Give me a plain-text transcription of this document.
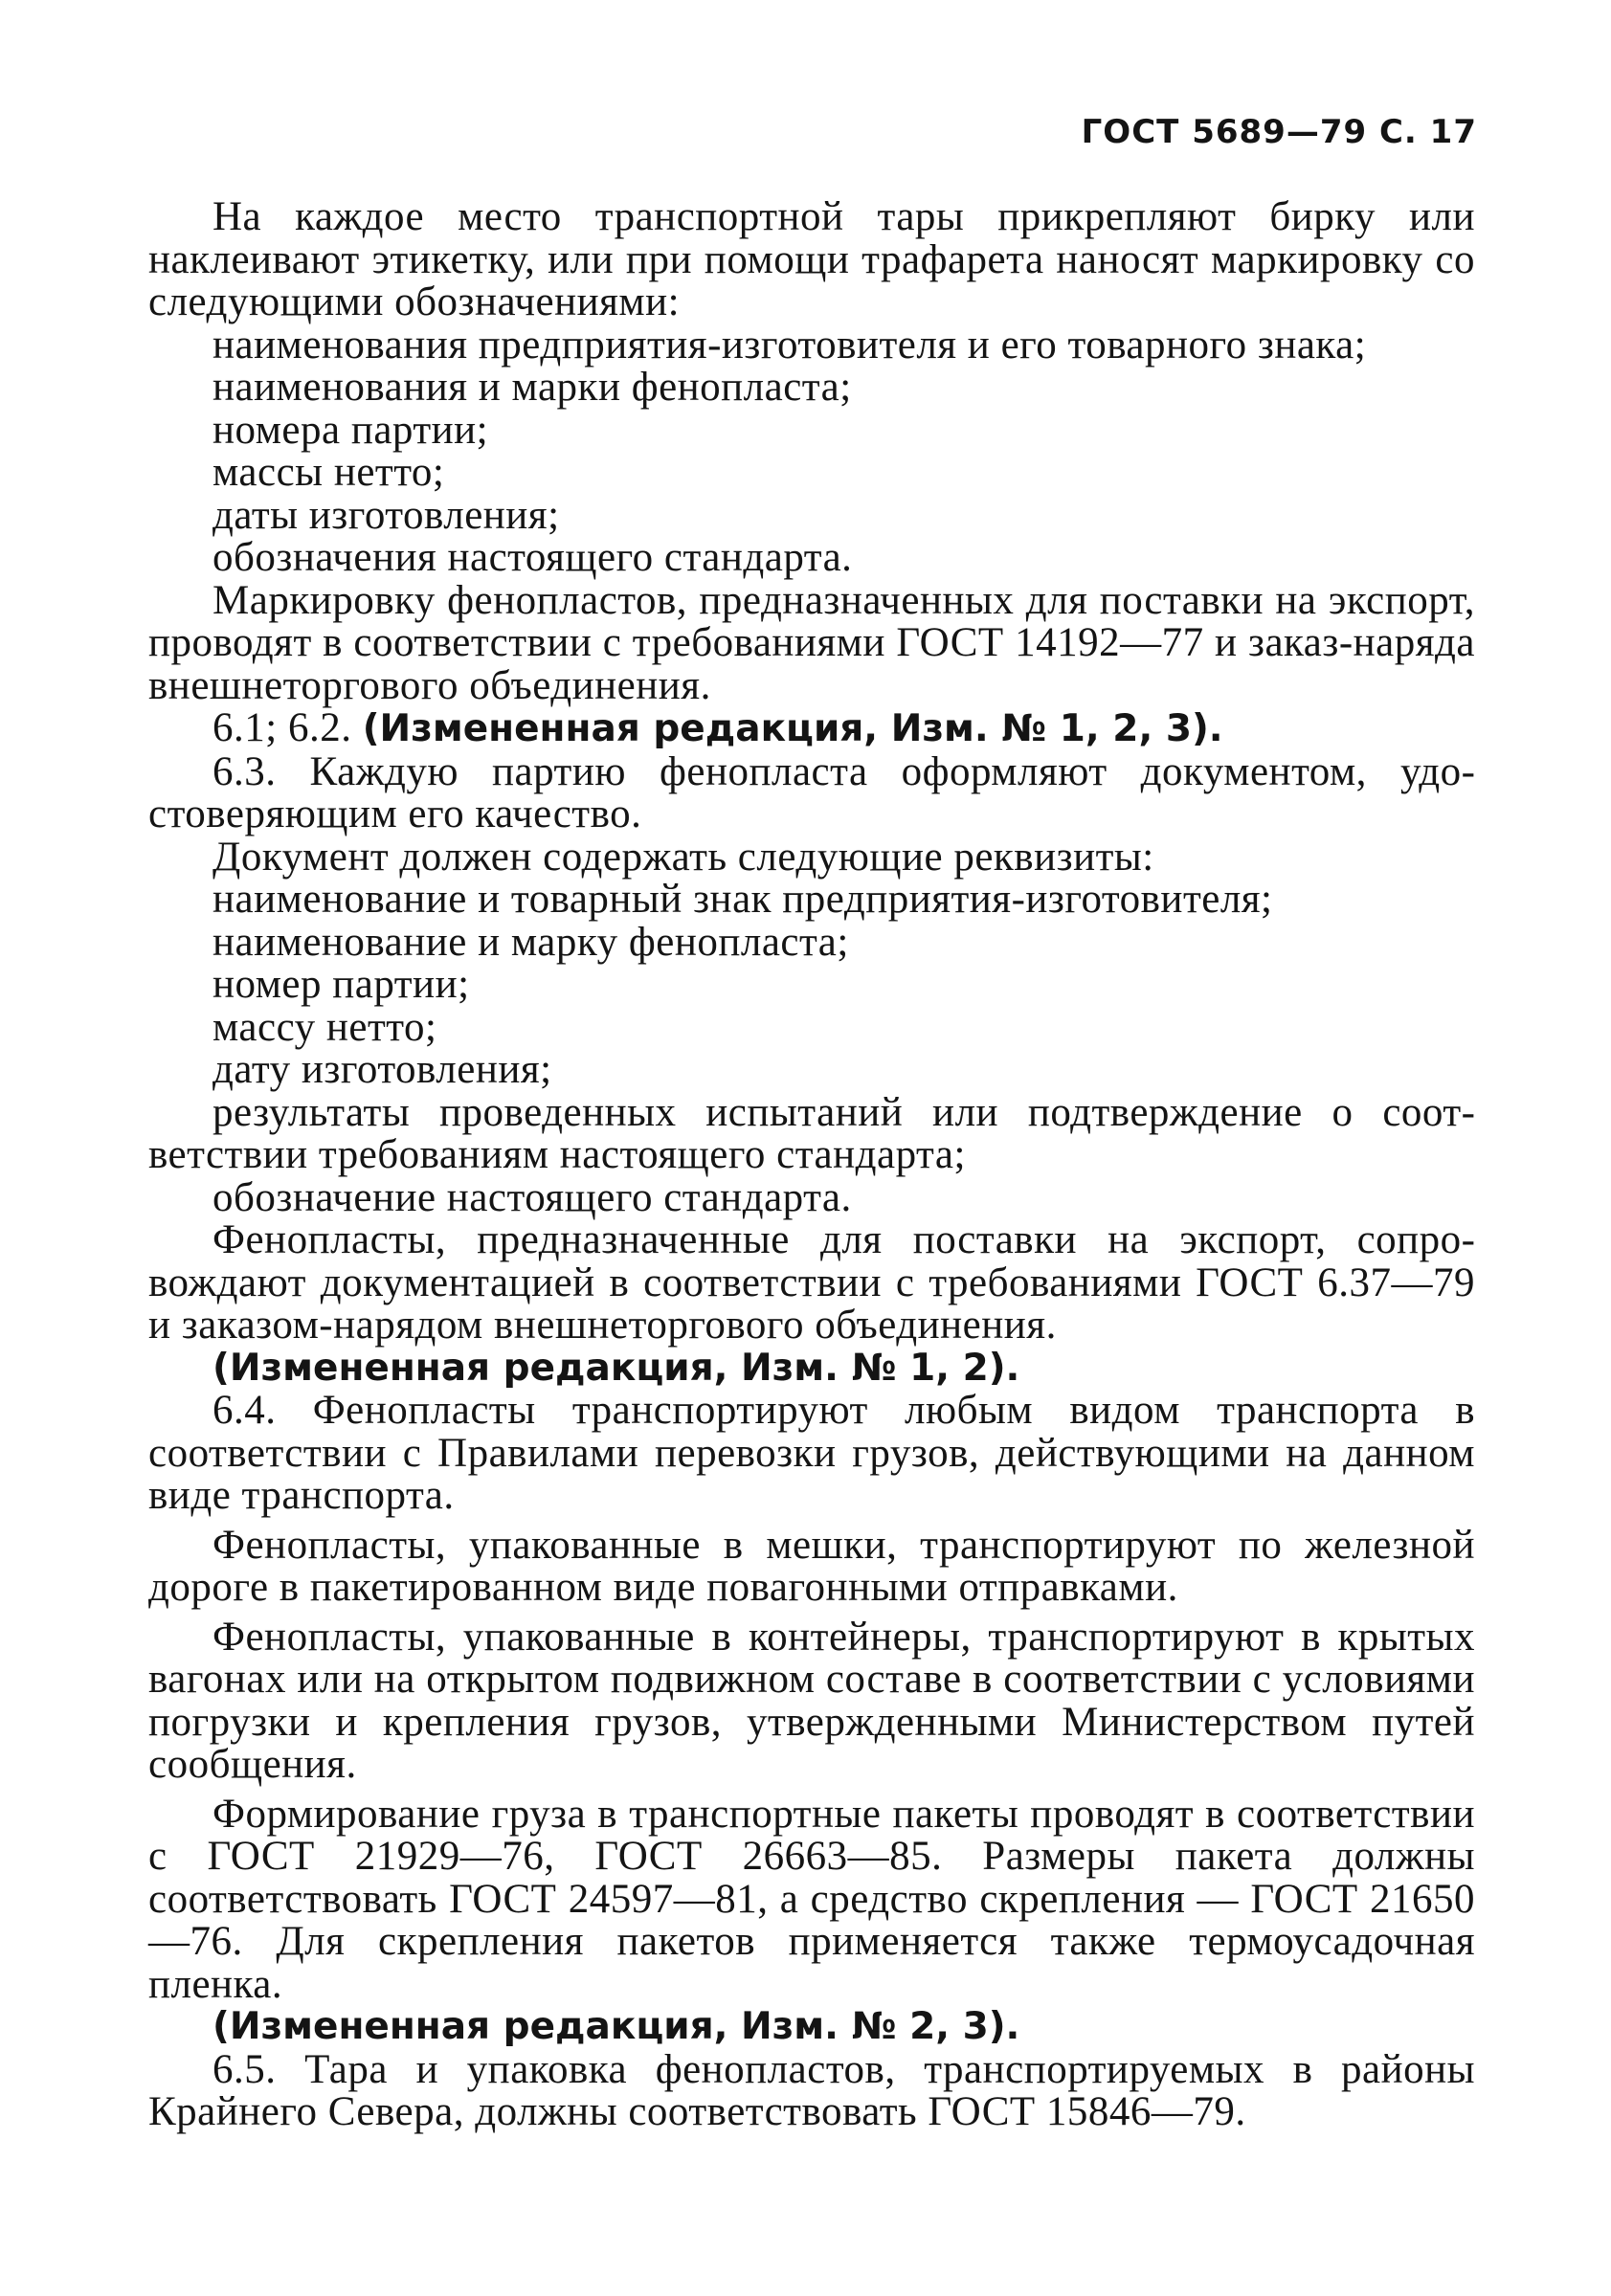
ГОСТ 5689—79 С. 17

На каждое место транспортной тары прикрепляют бирку или наклеивают этикетку, или при помощи трафарета наносят маркировку со следующими обозначениями:

наименования предприятия-изготовителя и его товарного знака;

наименования и марки фенопласта;

номера партии;

массы нетто;

даты изготовления;

обозначения настоящего стандарта.

Маркировку фенопластов, предназначенных для поставки на экспорт, проводят в соответствии с требованиями ГОСТ 14192—77 и заказ-наряда внешнеторгового объединения.

6.1; 6.2. (Измененная редакция, Изм. № 1, 2, 3).

6.3. Каждую партию фенопласта оформляют документом, удостоверяющим его качество.

Документ должен содержать следующие реквизиты:

наименование и товарный знак предприятия-изготовителя;

наименование и марку фенопласта;

номер партии;

массу нетто;

дату изготовления;

результаты проведенных испытаний или подтверждение о соответствии требованиям настоящего стандарта;

обозначение настоящего стандарта.

Фенопласты, предназначенные для поставки на экспорт, сопровождают документацией в соответствии с требованиями ГОСТ 6.37—79 и заказом-нарядом внешнеторгового объединения.

(Измененная редакция, Изм. № 1, 2).

6.4. Фенопласты транспортируют любым видом транспорта в соответствии с Правилами перевозки грузов, действующими на данном виде транспорта.

Фенопласты, упакованные в мешки, транспортируют по железной дороге в пакетированном виде повагонными отправками.

Фенопласты, упакованные в контейнеры, транспортируют в крытых вагонах или на открытом подвижном составе в соответствии с условиями погрузки и крепления грузов, утвержденными Министерством путей сообщения.

Формирование груза в транспортные пакеты проводят в соответствии с ГОСТ 21929—76, ГОСТ 26663—85. Размеры пакета должны соответствовать ГОСТ 24597—81, а средство скрепления — ГОСТ 21650—76. Для скрепления пакетов применяется также термоусадочная пленка.

(Измененная редакция, Изм. № 2, 3).

6.5. Тара и упаковка фенопластов, транспортируемых в районы Крайнего Севера, должны соответствовать ГОСТ 15846—79.
